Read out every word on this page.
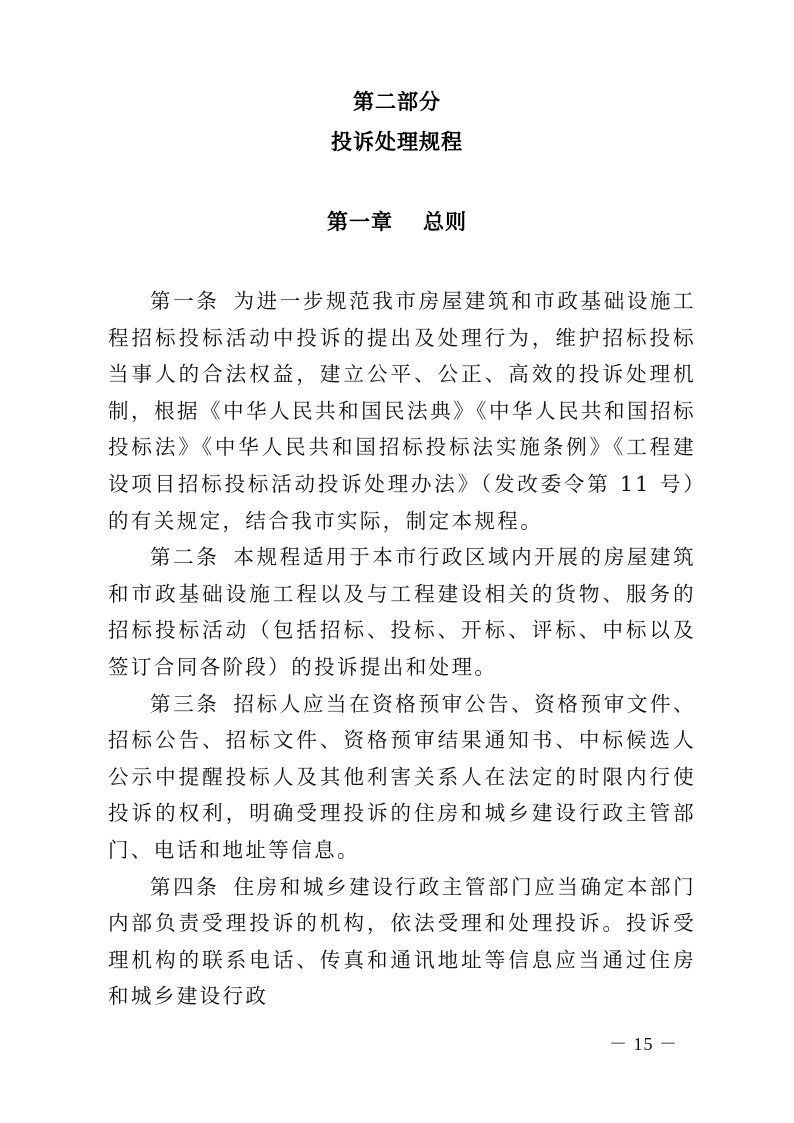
第二部分
投诉处理规程
第一章 总则

第一条 为进一步规范我市房屋建筑和市政基础设施工程招标投标活动中投诉的提出及处理行为，维护招标投标当事人的合法权益，建立公平、公正、高效的投诉处理机制，根据《中华人民共和国民法典》《中华人民共和国招标投标法》《中华人民共和国招标投标法实施条例》《工程建设项目招标投标活动投诉处理办法》（发改委令第 11 号）的有关规定，结合我市实际，制定本规程。

第二条 本规程适用于本市行政区域内开展的房屋建筑和市政基础设施工程以及与工程建设相关的货物、服务的招标投标活动（包括招标、投标、开标、评标、中标以及签订合同各阶段）的投诉提出和处理。

第三条 招标人应当在资格预审公告、资格预审文件、招标公告、招标文件、资格预审结果通知书、中标候选人公示中提醒投标人及其他利害关系人在法定的时限内行使投诉的权利，明确受理投诉的住房和城乡建设行政主管部门、电话和地址等信息。

第四条 住房和城乡建设行政主管部门应当确定本部门内部负责受理投诉的机构，依法受理和处理投诉。投诉受理机构的联系电话、传真和通讯地址等信息应当通过住房和城乡建设行政

－ 15 －
